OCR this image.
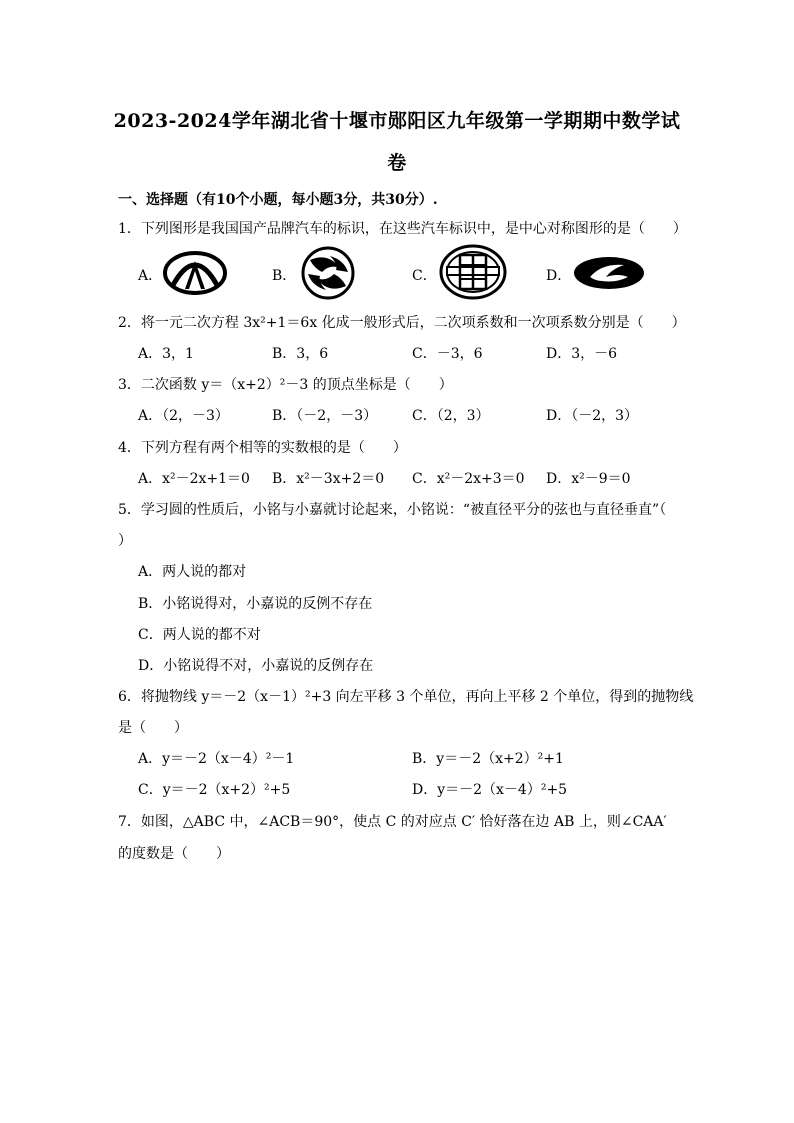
2023-2024学年湖北省十堰市郧阳区九年级第一学期期中数学试
卷
一、选择题（有10个小题，每小题3分，共30分）.
1．下列图形是我国国产品牌汽车的标识，在这些汽车标识中，是中心对称图形的是（　　）
A．	B．	C．	D．
2．将一元二次方程 3x²+1＝6x 化成一般形式后，二次项系数和一次项系数分别是（　　）
A．3，1	B．3，6	C．－3，6	D．3，－6
3．二次函数 y＝（x+2）²－3 的顶点坐标是（　　）
A．（2，－3）	B．（－2，－3） C．（2，3）	D．（－2，3）
4．下列方程有两个相等的实数根的是（　　）
A．x²－2x+1＝0 B．x²－3x+2＝0 C．x²－2x+3＝0 D．x²－9＝0
5．学习圆的性质后，小铭与小嘉就讨论起来，小铭说：“被直径平分的弦也与直径垂直”（
）
A．两人说的都对
B．小铭说得对，小嘉说的反例不存在
C．两人说的都不对
D．小铭说得不对，小嘉说的反例存在
6．将抛物线 y＝－2（x－1）²+3 向左平移 3 个单位，再向上平移 2 个单位，得到的抛物线
是（　　）
A．y＝－2（x－4）²－1	B．y＝－2（x+2）²+1
C．y＝－2（x+2）²+5	D．y＝－2（x－4）²+5
7．如图，△ABC 中，∠ACB＝90°，使点 C 的对应点 C′ 恰好落在边 AB 上，则∠CAA′
的度数是（　　）
